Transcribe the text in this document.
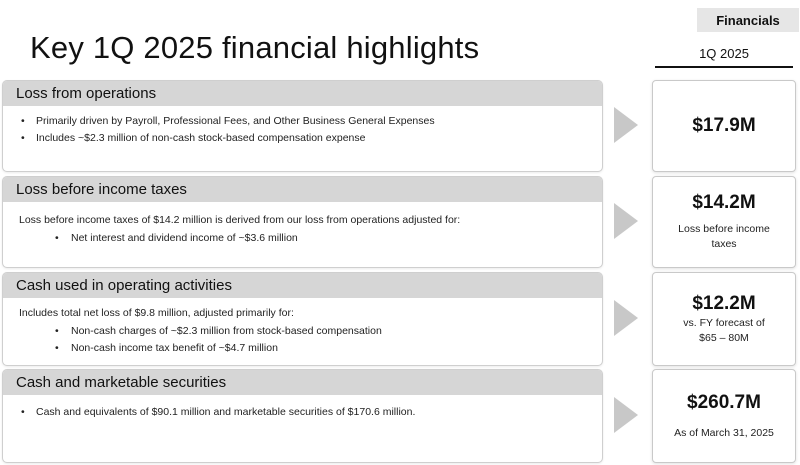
Financials
Key 1Q 2025 financial highlights	1Q 2025
Loss from operations
• Primarily driven by Payroll, Professional Fees, and Other Business General Expenses
• Includes ~$2.3 million of non-cash stock-based compensation expense
$17.9M
Loss before income taxes
Loss before income taxes of $14.2 million is derived from our loss from operations adjusted for:
• Net interest and dividend income of ~$3.6 million
$14.2M
Loss before income
taxes
Cash used in operating activities
Includes total net loss of $9.8 million, adjusted primarily for:
• Non-cash charges of ~$2.3 million from stock-based compensation
• Non-cash income tax benefit of ~$4.7 million
$12.2M
vs. FY forecast of
$65 – 80M
Cash and marketable securities
• Cash and equivalents of $90.1 million and marketable securities of $170.6 million.	$260.7M
As of March 31, 2025
